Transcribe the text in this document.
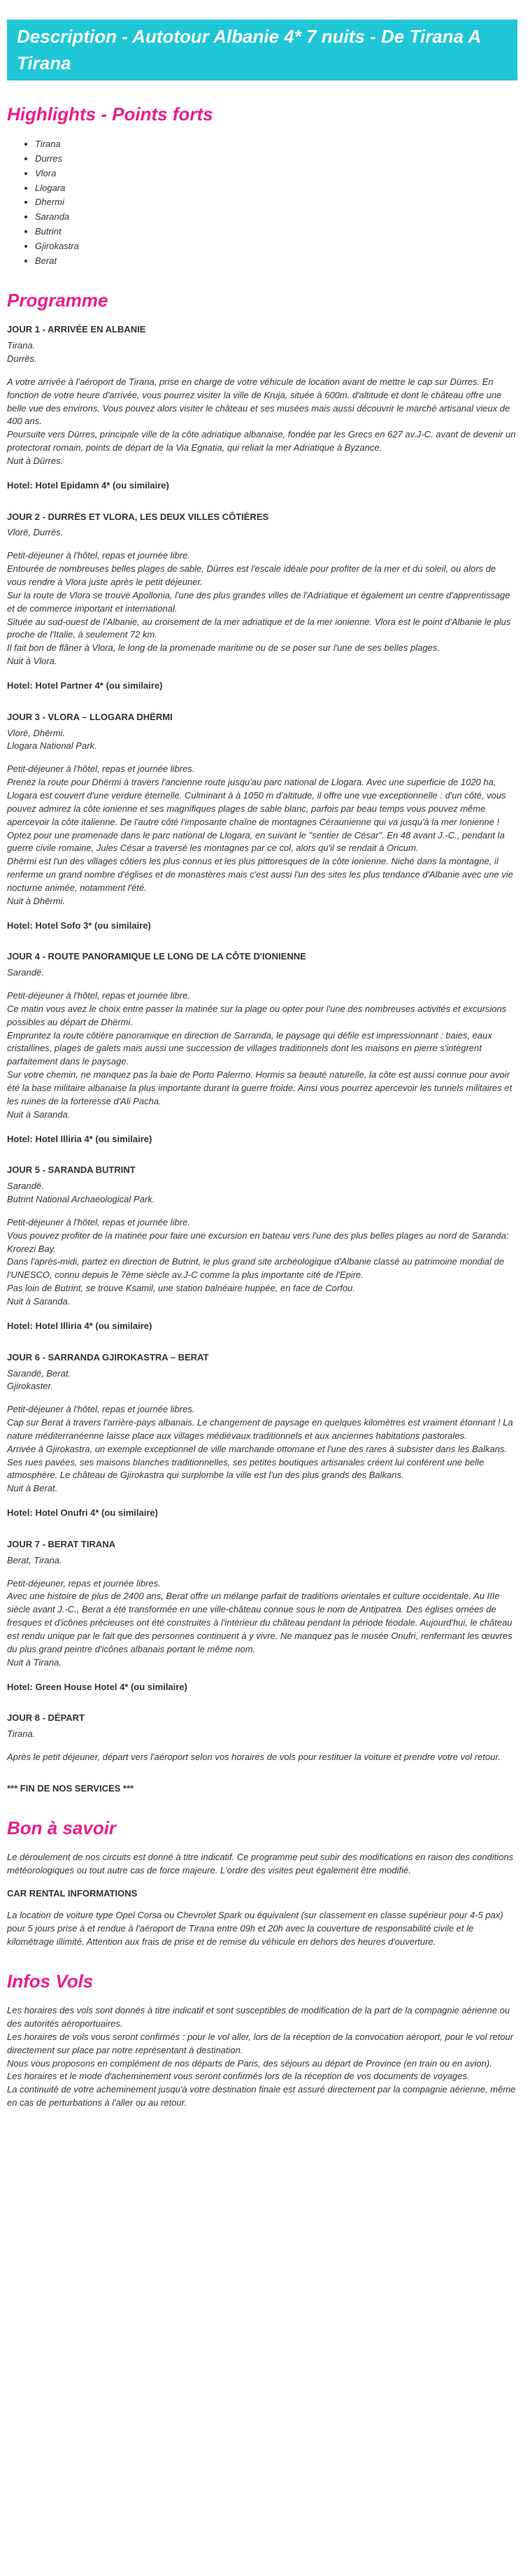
Description - Autotour Albanie 4* 7 nuits - De Tirana A Tirana
Highlights - Points forts
• Tirana
• Durres
• Vlora
• Llogara
• Dhermi
• Saranda
• Butrint
• Gjirokastra
• Berat
Programme
JOUR 1 - ARRIVÉE EN ALBANIE

Tirana.

Durrës.

A votre arrivée à l'aéroport de Tirana, prise en charge de votre véhicule de location avant de mettre le cap sur Dürres. En fonction de votre heure d'arrivée, vous pourrez visiter la ville de Kruja, située à 600m. d'altitude et dont le château offre une belle vue des environs. Vous pouvez alors visiter le château et ses musées mais aussi découvrir le marché artisanal vieux de 400 ans.

Poursuite vers Dürres, principale ville de la côte adriatique albanaise, fondée par les Grecs en 627 av.J-C. avant de devenir un protectorat romain, points de départ de la Via Egnatia, qui reliait la mer Adriatique à Byzance.

Nuit à Dürres.

Hotel: Hotel Epidamn 4* (ou similaire)
JOUR 2 - DURRËS ET VLORA, LES DEUX VILLES CÔTIÈRES

Vlorë, Durrës.

Petit-déjeuner à l'hôtel, repas et journée libre.

Entourée de nombreuses belles plages de sable, Dürres est l'escale idéale pour profiter de la mer et du soleil, ou alors de vous rendre à Vlora juste après le petit déjeuner.

Sur la route de Vlora se trouve Apollonia, l'une des plus grandes villes de l'Adriatique et également un centre d'apprentissage et de commerce important et international.

Située au sud-ouest de l'Albanie, au croisement de la mer adriatique et de la mer ionienne. Vlora est le point d'Albanie le plus proche de l'Italie, à seulement 72 km.

Il fait bon de flâner à Vlora, le long de la promenade maritime ou de se poser sur l'une de ses belles plages.

Nuit à Vlora.

Hotel: Hotel Partner 4* (ou similaire)
JOUR 3 - VLORA – LLOGARA DHËRMI

Vlorë, Dhërmi.

Llogara National Park.

Petit-déjeuner à l'hôtel, repas et journée libres.

Prenez la route pour Dhërmi à travers l'ancienne route jusqu'au parc national de Llogara. Avec une superficie de 1020 ha, Llogara est couvert d'une verdure éternelle. Culminant à à 1050 m d'altitude, il offre une vue exceptionnelle : d'un côté, vous pouvez admirez la côte ionienne et ses magnifiques plages de sable blanc, parfois par beau temps vous pouvez même apercevoir la côte italienne. De l'autre côté l'imposante chaîne de montagnes Céraunienne qui va jusqu'à la mer Ionienne !

Optez pour une promenade dans le parc national de Llogara, en suivant le "sentier de César". En 48 avant J.-C., pendant la guerre civile romaine, Jules César a traversé les montagnes par ce col, alors qu'il se rendait à Oricum.

Dhërmi est l'un des villages côtiers les plus connus et les plus pittoresques de la côte ionienne. Niché dans la montagne, il renferme un grand nombre d'églises et de monastères mais c'est aussi l'un des sites les plus tendance d'Albanie avec une vie nocturne animée, notamment l'été.

Nuit à Dhërmi.

Hotel: Hotel Sofo 3* (ou similaire)
JOUR 4 - ROUTE PANORAMIQUE LE LONG DE LA CÔTE D'IONIENNE

Sarandë.

Petit-déjeuner à l'hôtel, repas et journée libre.

Ce matin vous avez le choix entre passer la matinée sur la plage ou opter pour l'une des nombreuses activités et excursions possibles au départ de Dhërmi.

Empruntez la route côtière panoramique en direction de Sarranda, le paysage qui défile est impressionnant : baies, eaux cristallines, plages de galets mais aussi une succession de villages traditionnels dont les maisons en pierre s'intègrent parfaitement dans le paysage.

Sur votre chemin, ne manquez pas la baie de Porto Palermo. Hormis sa beauté naturelle, la côte est aussi connue pour avoir été la base militaire albanaise la plus importante durant la guerre froide. Ainsi vous pourrez apercevoir les tunnels militaires et les ruines de la forteresse d'Ali Pacha.

Nuit à Saranda.

Hotel: Hotel Illiria 4* (ou similaire)
JOUR 5 - SARANDA BUTRINT

Sarandë.

Butrint National Archaeological Park.

Petit-déjeuner à l'hôtel, repas et journée libre.

Vous pouvez profiter de la matinée pour faire une excursion en bateau vers l'une des plus belles plages au nord de Saranda: Krorezi Bay.

Dans l'après-midi, partez en direction de Butrint, le plus grand site archéologique d'Albanie classé au patrimoine mondial de l'UNESCO, connu depuis le 7ème siècle av.J-C comme la plus importante cité de l'Epire.

Pas loin de Butrint, se trouve Ksamil, une station balnéaire huppée, en face de Corfou.

Nuit à Saranda.

Hotel: Hotel Illiria 4* (ou similaire)
JOUR 6 - SARRANDA GJIROKASTRA – BERAT

Sarandë, Berat.

Gjirokaster.

Petit-déjeuner à l'hôtel, repas et journée libres.

Cap sur Berat à travers l'arrière-pays albanais. Le changement de paysage en quelques kilomètres est vraiment étonnant ! La nature méditerranéenne laisse place aux villages médiévaux traditionnels et aux anciennes habitations pastorales.

Arrivée à Gjirokastra, un exemple exceptionnel de ville marchande ottomane et l'une des rares à subsister dans les Balkans. Ses rues pavées, ses maisons blanches traditionnelles, ses petites boutiques artisanales créent lui conférent une belle atmosphère. Le château de Gjirokastra qui surplombe la ville est l'un des plus grands des Balkans.

Nuit à Berat.

Hotel: Hotel Onufri 4* (ou similaire)
JOUR 7 - BERAT TIRANA

Berat, Tirana.

Petit-déjeuner, repas et journée libres.

Avec une histoire de plus de 2400 ans, Berat offre un mélange parfait de traditions orientales et culture occidentale. Au IIIe siècle avant J.-C., Berat a été transformée en une ville-château connue sous le nom de Antipatrea. Des églises ornées de fresques et d'icônes précieuses ont été construites à l'intérieur du château pendant la période féodale. Aujourd'hui, le château est rendu unique par le fait que des personnes continuent à y vivre. Ne manquez pas le musée Onufri, renfermant les œuvres du plus grand peintre d'icônes albanais portant le même nom.

Nuit à Tirana.

Hotel: Green House Hotel 4* (ou similaire)
JOUR 8 - DÉPART

Tirana.

Après le petit déjeuner, départ vers l'aéroport selon vos horaires de vols pour restituer la voiture et prendre votre vol retour.

*** FIN DE NOS SERVICES ***
Bon à savoir

Le déroulement de nos circuits est donné à titre indicatif. Ce programme peut subir des modifications en raison des conditions météorologiques ou tout autre cas de force majeure. L'ordre des visites peut également être modifié.

CAR RENTAL INFORMATIONS

La location de voiture type Opel Corsa ou Chevrolet Spark ou équivalent (sur classement en classe supérieur pour 4-5 pax) pour 5 jours prise à et rendue à l'aéroport de Tirana entre 09h et 20h avec la couverture de responsabilité civile et le kilométrage illimité. Attention aux frais de prise et de remise du véhicule en dehors des heures d'ouverture.

Infos Vols

Les horaires des vols sont donnés à titre indicatif et sont susceptibles de modification de la part de la compagnie aérienne ou des autorités aéroportuaires.

Les horaires de vols vous seront confirmés : pour le vol aller, lors de la réception de la convocation aéroport, pour le vol retour directement sur place par notre représentant à destination.

Nous vous proposons en complément de nos départs de Paris, des séjours au départ de Province (en train ou en avion).

Les horaires et le mode d'acheminement vous seront confirmés lors de la réception de vos documents de voyages.

La continuité de votre acheminement jusqu'à votre destination finale est assuré directement par la compagnie aérienne, même en cas de perturbations à l'aller ou au retour.
